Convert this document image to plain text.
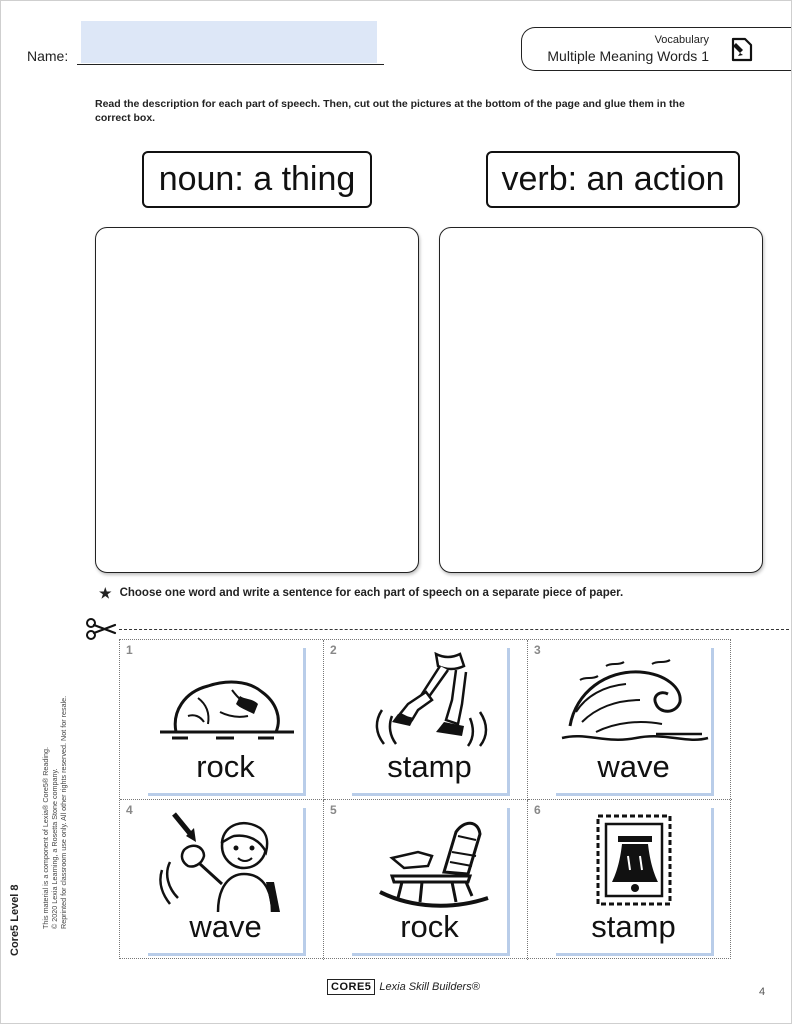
Name:
Vocabulary
Multiple Meaning Words 1

Read the description for each part of speech. Then, cut out the pictures at the bottom of the page and glue them in the correct box.

noun: a thing	verb: an action
★ Choose one word and write a sentence for each part of speech on a separate piece of paper.
1
rock
2
stamp
3
wave
4
wave
5
rock
6
stamp
Core5 Level 8	This material is a component of Lexia® Core5® Reading. © 2020 Lexia Learning, a Rosetta Stone company. Reprinted for classroom use only. All other rights reserved. Not for resale.
CORE5 Lexia Skill Builders®	4
